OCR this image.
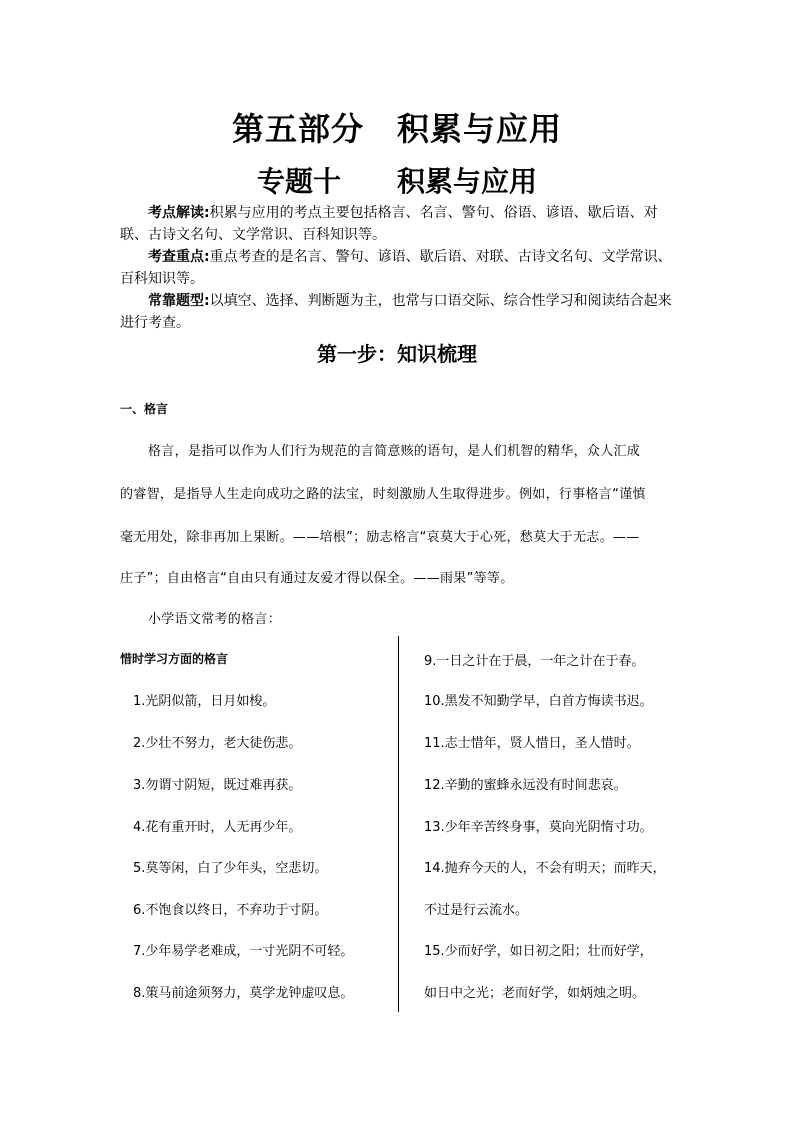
第五部分　积累与应用
专题十　　积累与应用
考点解读:积累与应用的考点主要包括格言、名言、警句、俗语、谚语、歇后语、对联、古诗文名句、文学常识、百科知识等。
考查重点:重点考查的是名言、警句、谚语、歇后语、对联、古诗文名句、文学常识、百科知识等。
常靠题型:以填空、选择、判断题为主，也常与口语交际、综合性学习和阅读结合起来进行考查。
第一步：知识梳理
一、格言
格言，是指可以作为人们行为规范的言简意赅的语句，是人们机智的精华，众人汇成
的睿智，是指导人生走向成功之路的法宝，时刻激励人生取得进步。例如，行事格言“谨慎
毫无用处，除非再加上果断。——培根”；励志格言“哀莫大于心死，愁莫大于无志。——
庄子”；自由格言“自由只有通过友爱才得以保全。——雨果”等等。
小学语文常考的格言：
惜时学习方面的格言
1.光阴似箭，日月如梭。
2.少壮不努力，老大徒伤悲。
3.勿谓寸阴短，既过难再获。
4.花有重开时，人无再少年。
5.莫等闲，白了少年头，空悲切。
6.不饱食以终日，不弃功于寸阴。
7.少年易学老难成，一寸光阴不可轻。
8.策马前途须努力，莫学龙钟虚叹息。
9.一日之计在于晨，一年之计在于春。
10.黑发不知勤学早，白首方悔读书迟。
11.志士惜年，贤人惜日，圣人惜时。
12.辛勤的蜜蜂永远没有时间悲哀。
13.少年辛苦终身事，莫向光阴惰寸功。
14.抛弃今天的人，不会有明天；而昨天，
不过是行云流水。
15.少而好学，如日初之阳；壮而好学，
如日中之光；老而好学，如炳烛之明。
